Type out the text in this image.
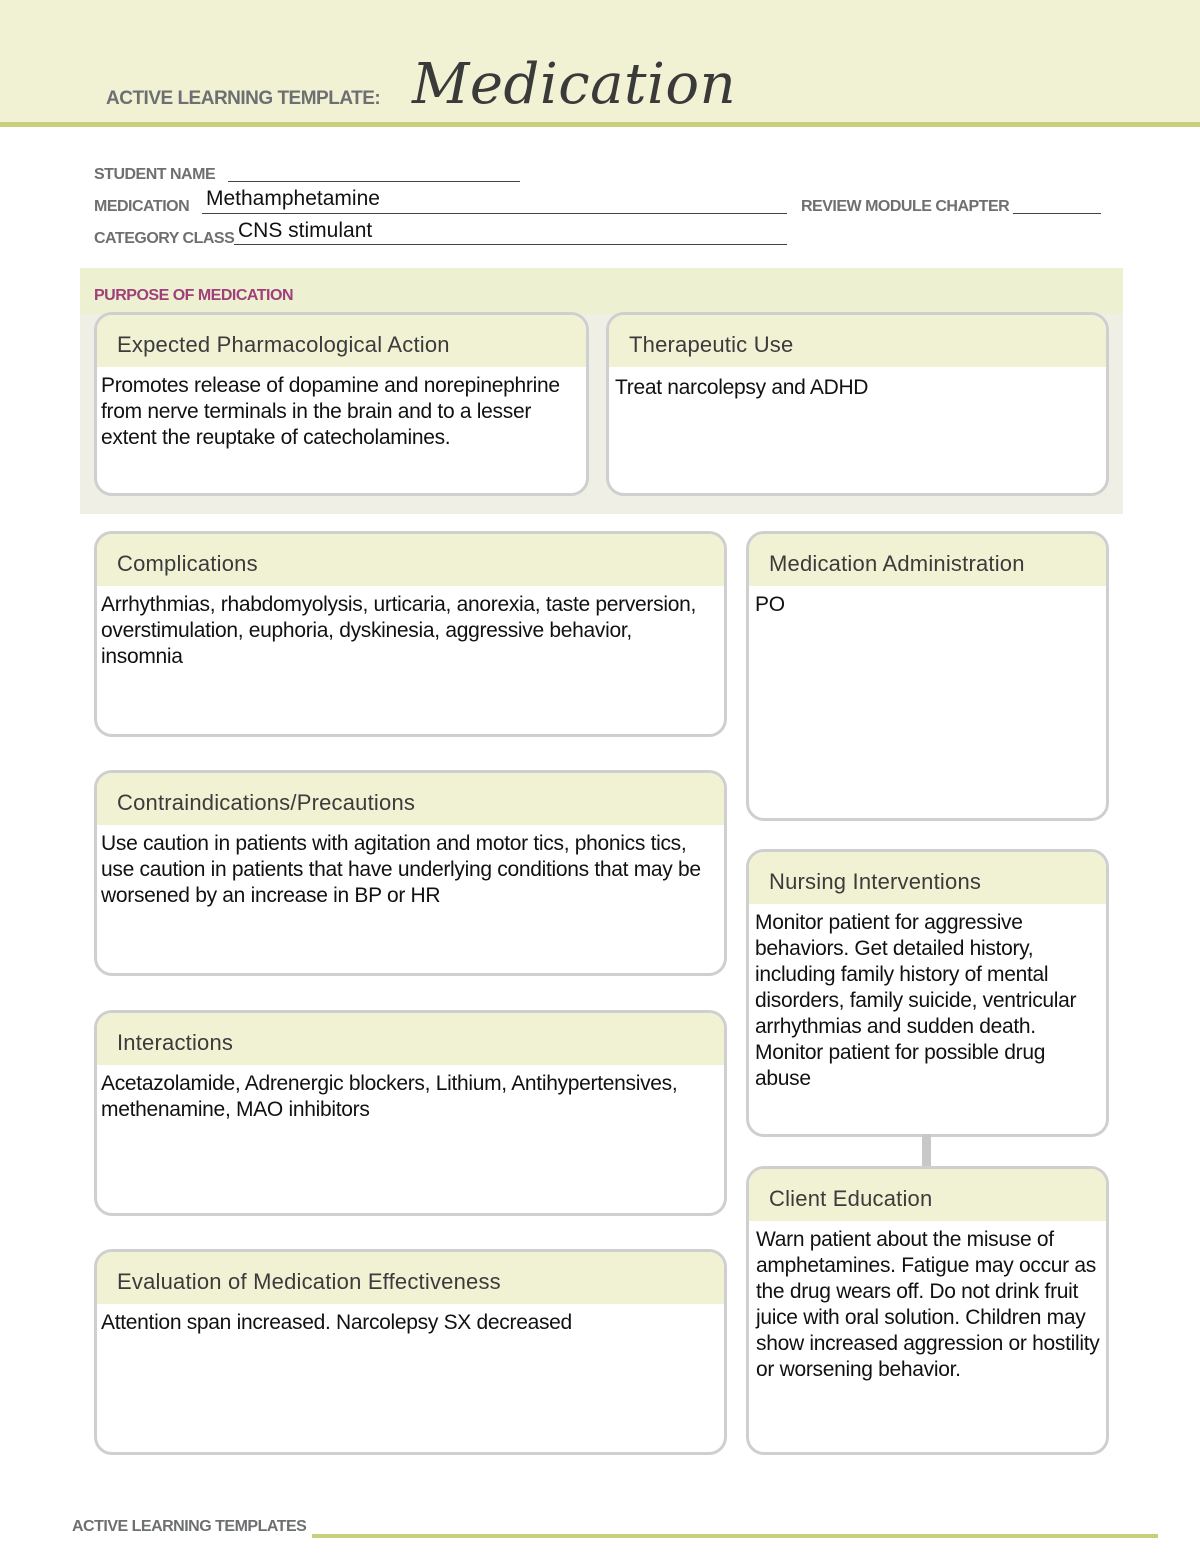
ACTIVE LEARNING TEMPLATE: Medication
STUDENT NAME
MEDICATION Methamphetamine	REVIEW MODULE CHAPTER
CATEGORY CLASS CNS stimulant
PURPOSE OF MEDICATION
Expected Pharmacological Action
Promotes release of dopamine and norepinephrine from nerve terminals in the brain and to a lesser extent the reuptake of catecholamines.
Therapeutic Use
Treat narcolepsy and ADHD
Complications
Arrhythmias, rhabdomyolysis, urticaria, anorexia, taste perversion, overstimulation, euphoria, dyskinesia, aggressive behavior, insomnia
Contraindications/Precautions
Use caution in patients with agitation and motor tics, phonics tics, use caution in patients that have underlying conditions that may be worsened by an increase in BP or HR
Interactions
Acetazolamide, Adrenergic blockers, Lithium, Antihypertensives, methenamine, MAO inhibitors
Evaluation of Medication Effectiveness
Attention span increased. Narcolepsy SX decreased
Medication Administration
PO
Nursing Interventions
Monitor patient for aggressive behaviors. Get detailed history, including family history of mental disorders, family suicide, ventricular arrhythmias and sudden death. Monitor patient for possible drug abuse
Client Education
Warn patient about the misuse of amphetamines. Fatigue may occur as the drug wears off. Do not drink fruit juice with oral solution. Children may show increased aggression or hostility or worsening behavior.
ACTIVE LEARNING TEMPLATES
